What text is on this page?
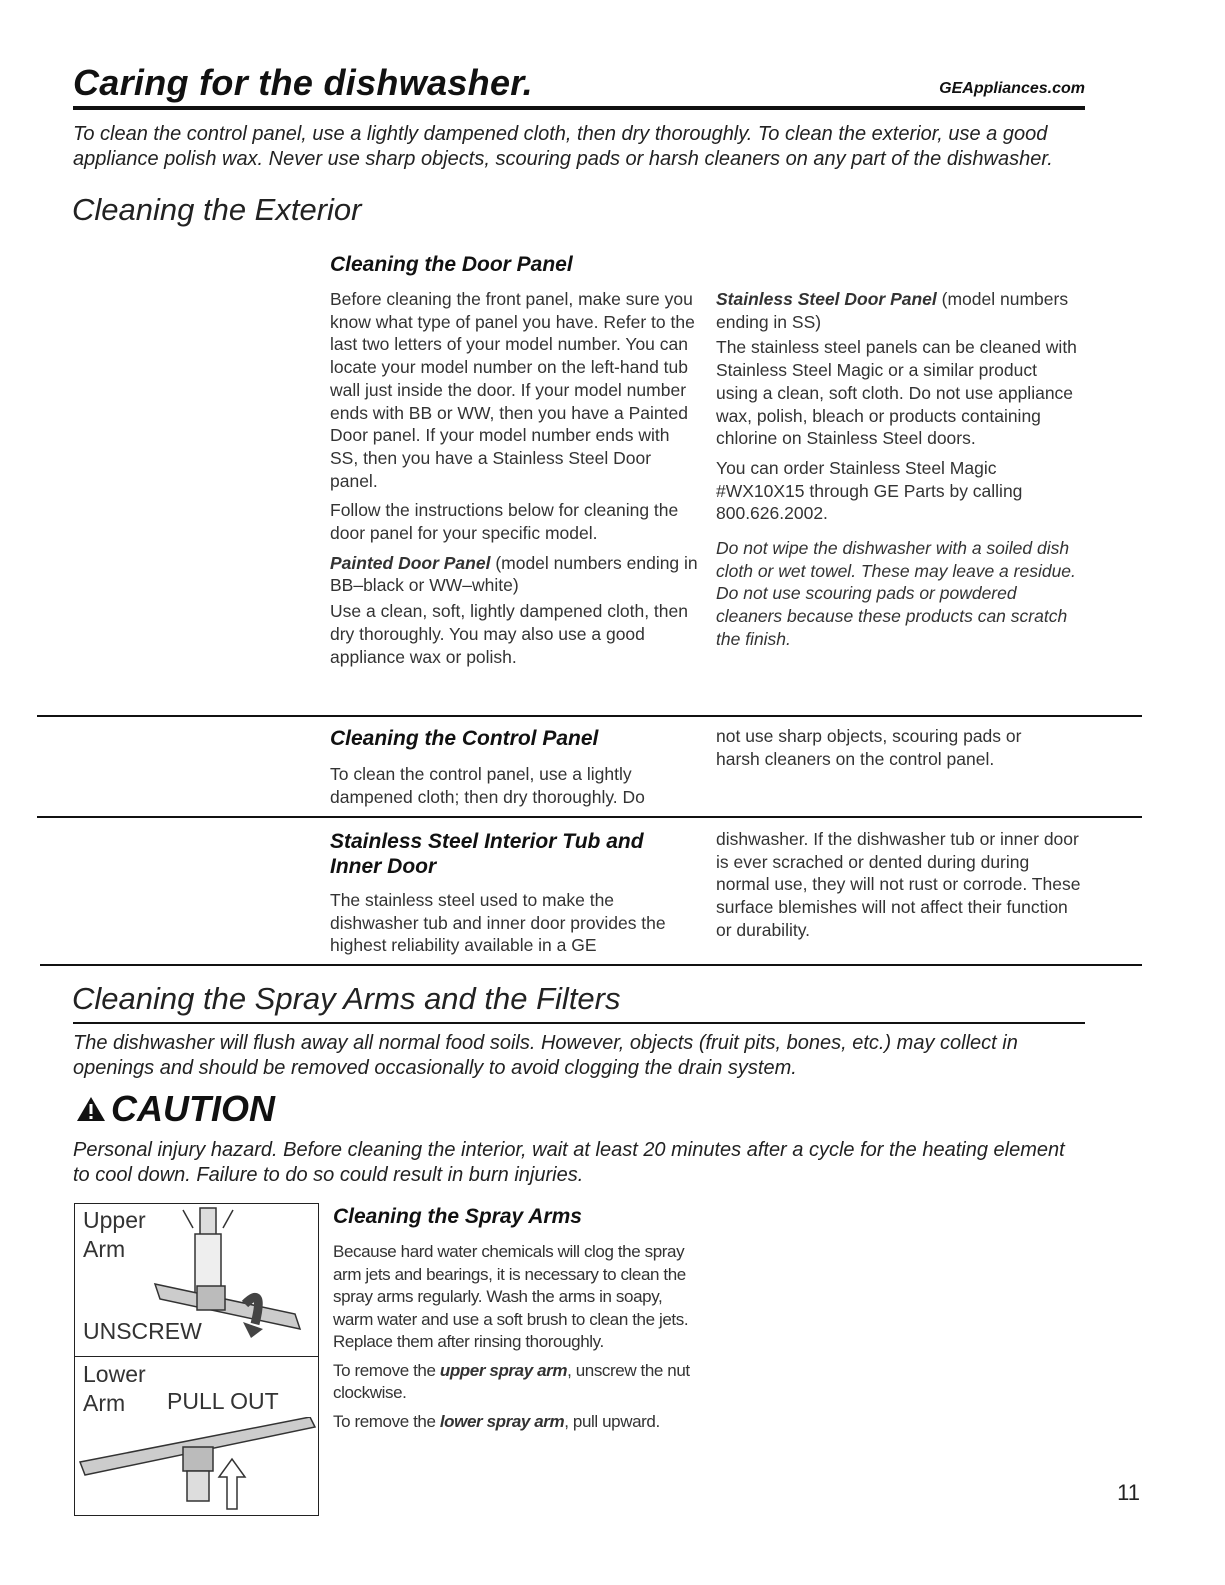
Caring for the dishwasher.	GEAppliances.com
To clean the control panel, use a lightly dampened cloth, then dry thoroughly. To clean the exterior, use a good appliance polish wax. Never use sharp objects, scouring pads or harsh cleaners on any part of the dishwasher.
Cleaning the Exterior
Cleaning the Door Panel

Before cleaning the front panel, make sure you know what type of panel you have. Refer to the last two letters of your model number. You can locate your model number on the left-hand tub wall just inside the door. If your model number ends with BB or WW, then you have a Painted Door panel. If your model number ends with SS, then you have a Stainless Steel Door panel.

Follow the instructions below for cleaning the door panel for your specific model.

Painted Door Panel (model numbers ending in BB–black or WW–white)

Use a clean, soft, lightly dampened cloth, then dry thoroughly. You may also use a good appliance wax or polish.

Stainless Steel Door Panel (model numbers ending in SS)

The stainless steel panels can be cleaned with Stainless Steel Magic or a similar product using a clean, soft cloth. Do not use appliance wax, polish, bleach or products containing chlorine on Stainless Steel doors.

You can order Stainless Steel Magic #WX10X15 through GE Parts by calling 800.626.2002.

Do not wipe the dishwasher with a soiled dish cloth or wet towel. These may leave a residue. Do not use scouring pads or powdered cleaners because these products can scratch the finish.

Cleaning the Control Panel
To clean the control panel, use a lightly dampened cloth; then dry thoroughly. Do
not use sharp objects, scouring pads or harsh cleaners on the control panel.
Stainless Steel Interior Tub and Inner Door
The stainless steel used to make the dishwasher tub and inner door provides the highest reliability available in a GE
dishwasher. If the dishwasher tub or inner door is ever scrached or dented during during normal use, they will not rust or corrode. These surface blemishes will not affect their function or durability.
Cleaning the Spray Arms and the Filters
The dishwasher will flush away all normal food soils. However, objects (fruit pits, bones, etc.) may collect in openings and should be removed occasionally to avoid clogging the drain system.
CAUTION
Personal injury hazard. Before cleaning the interior, wait at least 20 minutes after a cycle for the heating element to cool down. Failure to do so could result in burn injuries.
Upper
Arm
UNSCREW
Lower
Arm PULL OUT
Cleaning the Spray Arms

Because hard water chemicals will clog the spray arm jets and bearings, it is necessary to clean the spray arms regularly. Wash the arms in soapy, warm water and use a soft brush to clean the jets. Replace them after rinsing thoroughly.

To remove the upper spray arm, unscrew the nut clockwise.

To remove the lower spray arm, pull upward.

11
